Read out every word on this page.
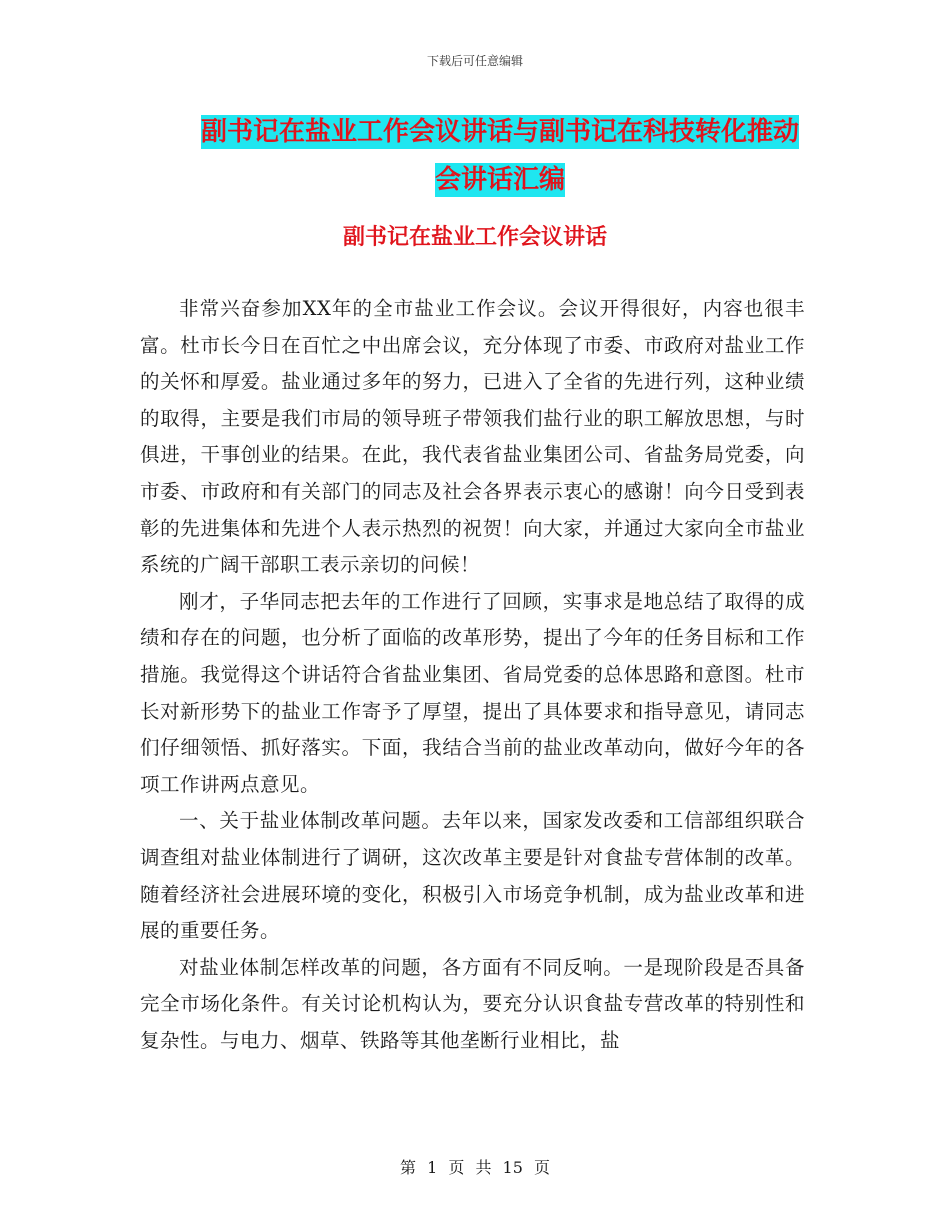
下载后可任意编辑
副书记在盐业工作会议讲话与副书记在科技转化推动
会讲话汇编
副书记在盐业工作会议讲话

非常兴奋参加XX年的全市盐业工作会议。会议开得很好，内容也很丰富。杜市长今日在百忙之中出席会议，充分体现了市委、市政府对盐业工作的关怀和厚爱。盐业通过多年的努力，已进入了全省的先进行列，这种业绩的取得，主要是我们市局的领导班子带领我们盐行业的职工解放思想，与时俱进，干事创业的结果。在此，我代表省盐业集团公司、省盐务局党委，向市委、市政府和有关部门的同志及社会各界表示衷心的感谢！向今日受到表彰的先进集体和先进个人表示热烈的祝贺！向大家，并通过大家向全市盐业系统的广阔干部职工表示亲切的问候！

刚才，子华同志把去年的工作进行了回顾，实事求是地总结了取得的成绩和存在的问题，也分析了面临的改革形势，提出了今年的任务目标和工作措施。我觉得这个讲话符合省盐业集团、省局党委的总体思路和意图。杜市长对新形势下的盐业工作寄予了厚望，提出了具体要求和指导意见，请同志们仔细领悟、抓好落实。下面，我结合当前的盐业改革动向，做好今年的各项工作讲两点意见。

一、关于盐业体制改革问题。去年以来，国家发改委和工信部组织联合调查组对盐业体制进行了调研，这次改革主要是针对食盐专营体制的改革。随着经济社会进展环境的变化，积极引入市场竞争机制，成为盐业改革和进展的重要任务。

对盐业体制怎样改革的问题，各方面有不同反响。一是现阶段是否具备完全市场化条件。有关讨论机构认为，要充分认识食盐专营改革的特别性和复杂性。与电力、烟草、铁路等其他垄断行业相比，盐

第 1 页 共 15 页
